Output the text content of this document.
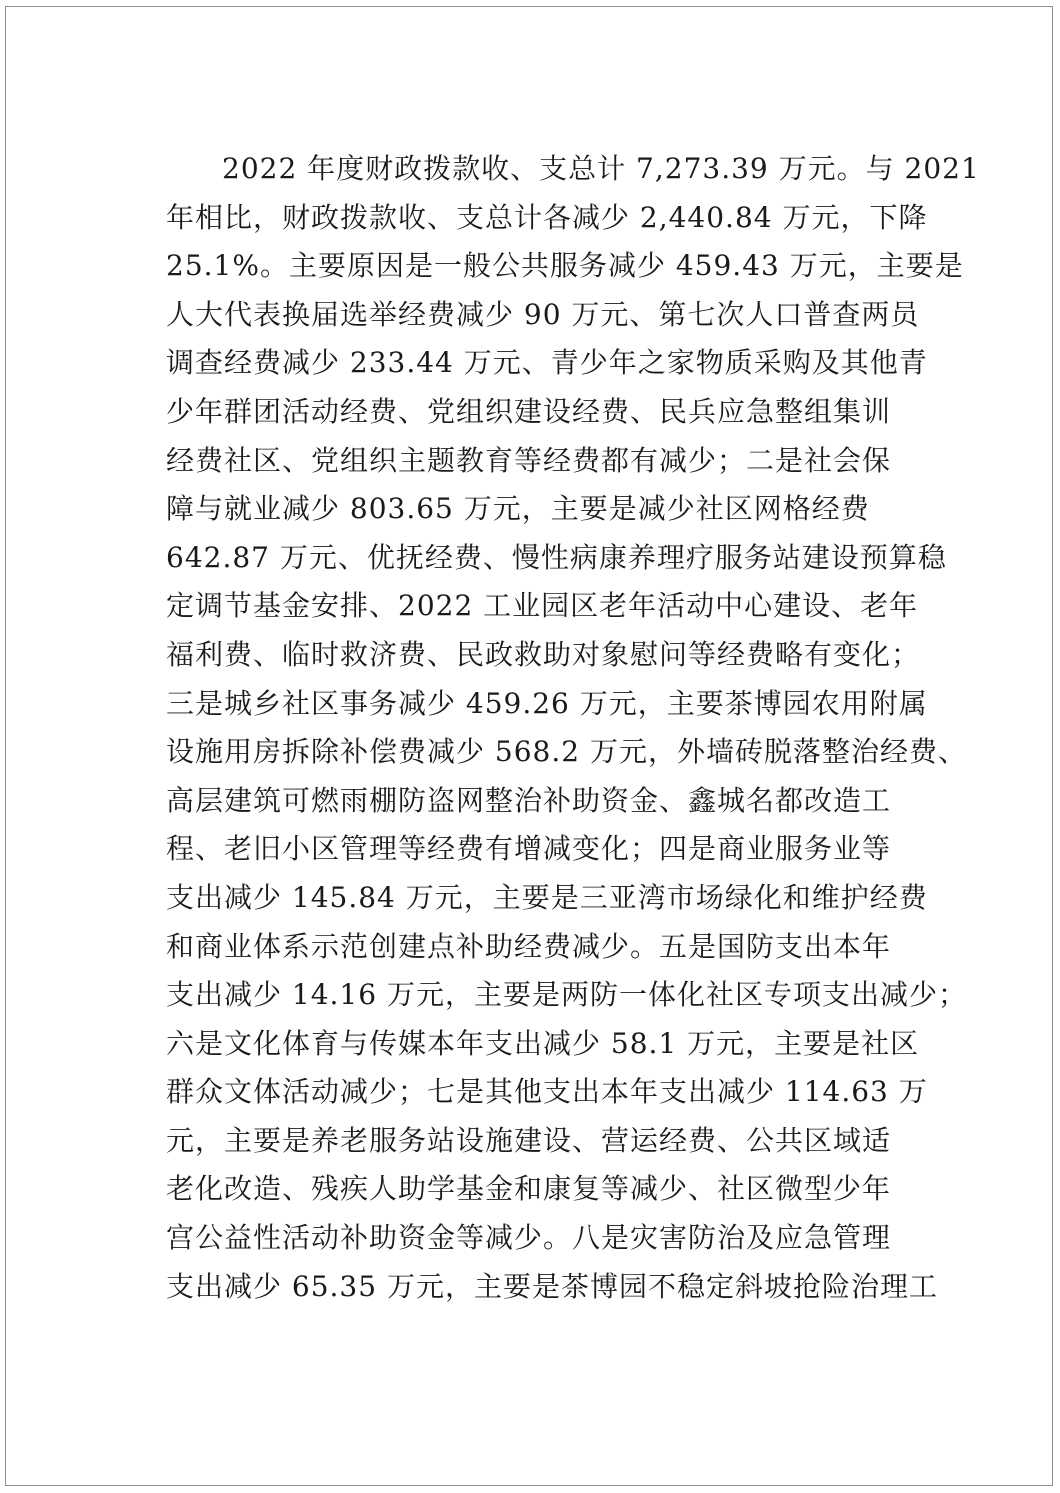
2022 年度财政拨款收、支总计 7,273.39 万元。与 2021
年相比，财政拨款收、支总计各减少 2,440.84 万元，下降
25.1%。主要原因是一般公共服务减少 459.43 万元，主要是
人大代表换届选举经费减少 90 万元、第七次人口普查两员
调查经费减少 233.44 万元、青少年之家物质采购及其他青
少年群团活动经费、党组织建设经费、民兵应急整组集训
经费社区、党组织主题教育等经费都有减少；二是社会保
障与就业减少 803.65 万元，主要是减少社区网格经费
642.87 万元、优抚经费、慢性病康养理疗服务站建设预算稳
定调节基金安排、2022 工业园区老年活动中心建设、老年
福利费、临时救济费、民政救助对象慰问等经费略有变化；
三是城乡社区事务减少 459.26 万元，主要茶博园农用附属
设施用房拆除补偿费减少 568.2 万元，外墙砖脱落整治经费、
高层建筑可燃雨棚防盗网整治补助资金、鑫城名都改造工
程、老旧小区管理等经费有增减变化；四是商业服务业等
支出减少 145.84 万元，主要是三亚湾市场绿化和维护经费
和商业体系示范创建点补助经费减少。五是国防支出本年
支出减少 14.16 万元，主要是两防一体化社区专项支出减少；
六是文化体育与传媒本年支出减少 58.1 万元，主要是社区
群众文体活动减少；七是其他支出本年支出减少 114.63 万
元，主要是养老服务站设施建设、营运经费、公共区域适
老化改造、残疾人助学基金和康复等减少、社区微型少年
宫公益性活动补助资金等减少。八是灾害防治及应急管理
支出减少 65.35 万元，主要是茶博园不稳定斜坡抢险治理工
